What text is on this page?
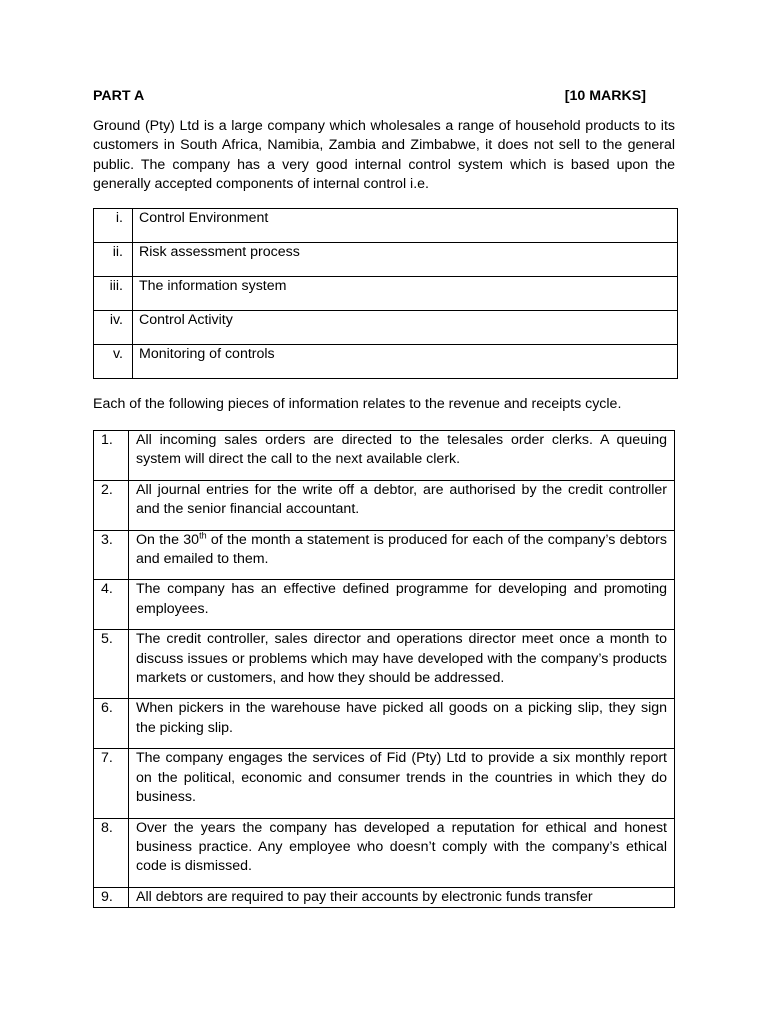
PART A	[10 MARKS]

Ground (Pty) Ltd is a large company which wholesales a range of household products to its customers in South Africa, Namibia, Zambia and Zimbabwe, it does not sell to the general public. The company has a very good internal control system which is based upon the generally accepted components of internal control i.e.

i.	Control Environment
ii.	Risk assessment process
iii.	The information system
iv.	Control Activity
v.	Monitoring of controls

Each of the following pieces of information relates to the revenue and receipts cycle.

1.	All incoming sales orders are directed to the telesales order clerks. A queuing system will direct the call to the next available clerk.
2.	All journal entries for the write off a debtor, are authorised by the credit controller and the senior financial accountant.
3.	On the 30th of the month a statement is produced for each of the company’s debtors and emailed to them.
4.	The company has an effective defined programme for developing and promoting employees.
5.	The credit controller, sales director and operations director meet once a month to discuss issues or problems which may have developed with the company’s products markets or customers, and how they should be addressed.
6.	When pickers in the warehouse have picked all goods on a picking slip, they sign the picking slip.
7.	The company engages the services of Fid (Pty) Ltd to provide a six monthly report on the political, economic and consumer trends in the countries in which they do business.
8.	Over the years the company has developed a reputation for ethical and honest business practice. Any employee who doesn’t comply with the company’s ethical code is dismissed.
9.	All debtors are required to pay their accounts by electronic funds transfer
